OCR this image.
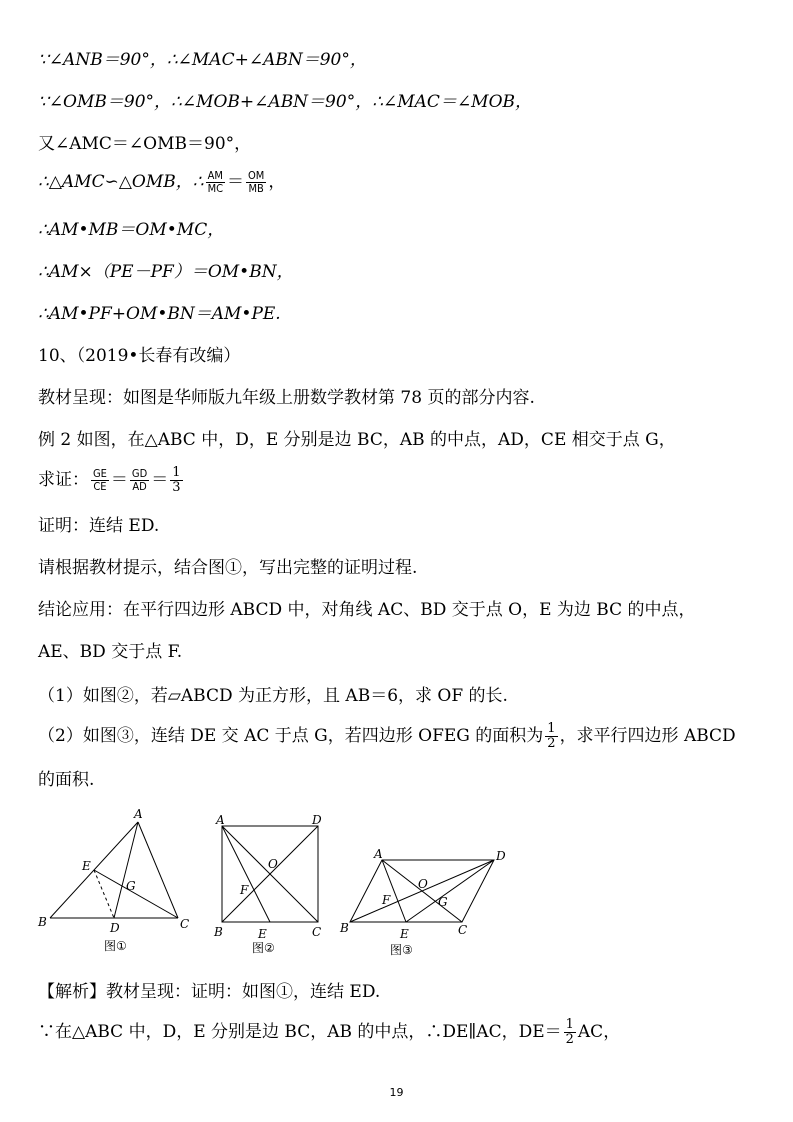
∵∠ANB＝90°，∴∠MAC+∠ABN＝90°，
∵∠OMB＝90°，∴∠MOB+∠ABN＝90°，∴∠MAC＝∠MOB，
又∠AMC＝∠OMB＝90°，
∴△AMC∽△OMB，∴ $\frac{AM}{MC} = \frac{OM}{MB}$ ，
∴AM•MB＝OM•MC，
∴AM×（PE－PF）＝OM•BN，
∴AM•PF+OM•BN＝AM•PE.
10、（2019•长春有改编）
教材呈现：如图是华师版九年级上册数学教材第 78 页的部分内容.
例 2 如图，在△ABC 中，D，E 分别是边 BC，AB 的中点，AD，CE 相交于点 G，
求证： $\frac{GE}{CE} = \frac{GD}{AD} = \frac{1}{3}$
证明：连结 ED.
请根据教材提示，结合图①，写出完整的证明过程.
结论应用：在平行四边形 ABCD 中，对角线 AC、BD 交于点 O，E 为边 BC 的中点，
AE、BD 交于点 F.
（1）如图②，若▱ABCD 为正方形，且 AB＝6，求 OF 的长.
（2）如图③，连结 DE 交 AC 于点 G，若四边形 OFEG 的面积为 $\frac{1}{2}$ ，求平行四边形 ABCD
的面积.
A
B	C
D
E
G
图①
A	D
B	C
E
F
O
图②
A	D
B	C
E
F	G
O
图③
【解析】教材呈现：证明：如图①，连结 ED.
∵在△ABC 中，D，E 分别是边 BC，AB 的中点，∴DE∥AC，$DE= \frac{1}{2}$ AC，
19
